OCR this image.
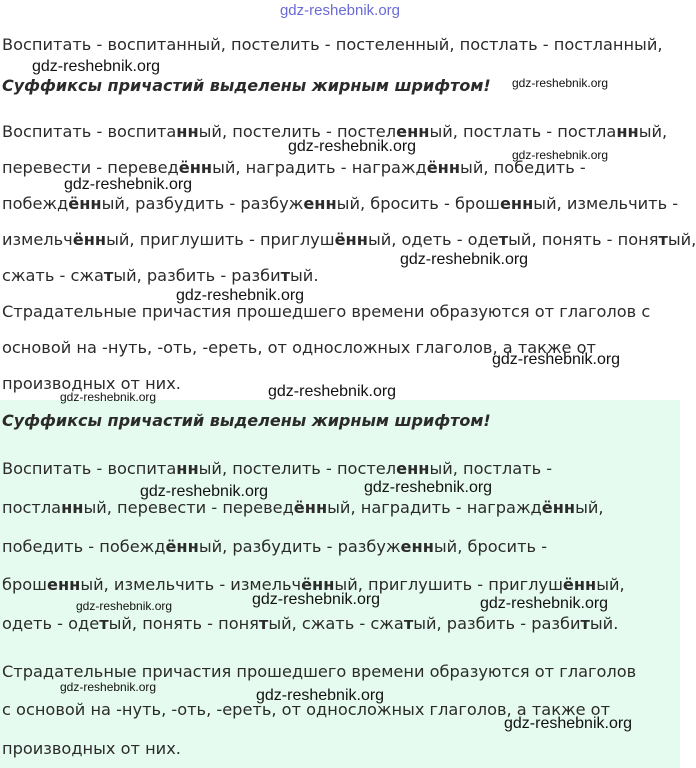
gdz-reshebnik.org

Воспитать - воспитанный, постелить - постеленный, постлать - постланный,

Суффиксы причастий выделены жирным шрифтом!

Воспитать - воспитанный, постелить - постеленный, постлать - постланный,

перевести - переведённый, наградить - награждённый, победить -

побеждённый, разбудить - разбуженный, бросить - брошенный, измельчить -

измельчённый, приглушить - приглушённый, одеть - одетый, понять - понятый,

сжать - сжатый, разбить - разбитый.

Страдательные причастия прошедшего времени образуются от глаголов с

основой на -нуть, -оть, -ереть, от односложных глаголов, а также от

производных от них.

Суффиксы причастий выделены жирным шрифтом!

Воспитать - воспитанный, постелить - постеленный, постлать -

постланный, перевести - переведённый, наградить - награждённый,

победить - побеждённый, разбудить - разбуженный, бросить -

брошенный, измельчить - измельчённый, приглушить - приглушённый,

одеть - одетый, понять - понятый, сжать - сжатый, разбить - разбитый.

Страдательные причастия прошедшего времени образуются от глаголов

с основой на -нуть, -оть, -ереть, от односложных глаголов, а также от

производных от них.

gdz-reshebnik.org
gdz-reshebnik.org
gdz-reshebnik.org	gdz-reshebnik.org
gdz-reshebnik.org
gdz-reshebnik.org
gdz-reshebnik.org
gdz-reshebnik.org
gdz-reshebnik.org	gdz-reshebnik.org
gdz-reshebnik.org
gdz-reshebnik.org
gdz-reshebnik.org
gdz-reshebnik.org	gdz-reshebnik.org
gdz-reshebnik.org	gdz-reshebnik.org
gdz-reshebnik.org
